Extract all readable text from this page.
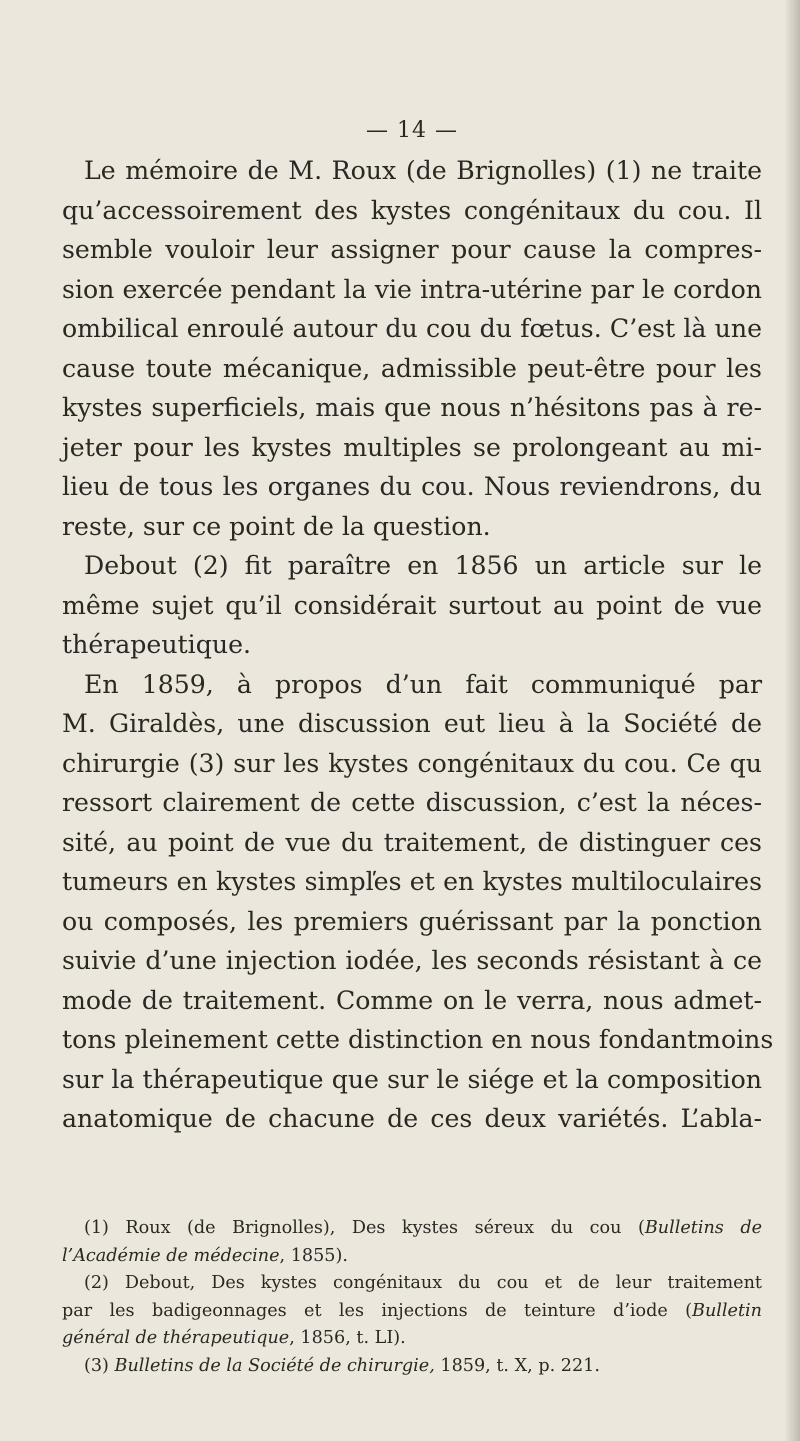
— 14 —
Le mémoire de M. Roux (de Brignolles) (1) ne traite
qu’accessoirement des kystes congénitaux du cou. Il
semble vouloir leur assigner pour cause la compres-
sion exercée pendant la vie intra-utérine par le cordon
ombilical enroulé autour du cou du fœtus. C’est là une
cause toute mécanique, admissible peut-être pour les
kystes superficiels, mais que nous n’hésitons pas à re-
jeter pour les kystes multiples se prolongeant au mi-
lieu de tous les organes du cou. Nous reviendrons, du
reste, sur ce point de la question.
Debout (2) fit paraître en 1856 un article sur le
même sujet qu’il considérait surtout au point de vue
thérapeutique.
En 1859, à propos d’un fait communiqué par
M. Giraldès, une discussion eut lieu à la Société de
chirurgie (3) sur les kystes congénitaux du cou. Ce qu
ressort clairement de cette discussion, c’est la néces-
sité, au point de vue du traitement, de distinguer ces
tumeurs en kystes simpľes et en kystes multiloculaires
ou composés, les premiers guérissant par la ponction
suivie d’une injection iodée, les seconds résistant à ce
mode de traitement. Comme on le verra, nous admet-
tons pleinement cette distinction en nous fondantmoins
sur la thérapeutique que sur le siége et la composition
anatomique de chacune de ces deux variétés. L’abla-
(1) Roux (de Brignolles), Des kystes séreux du cou (Bulletins de
l’Académie de médecine, 1855).
(2) Debout, Des kystes congénitaux du cou et de leur traitement
par les badigeonnages et les injections de teinture d’iode (Bulletin
général de thérapeutique, 1856, t. LI).
(3) Bulletins de la Société de chirurgie, 1859, t. X, p. 221.
